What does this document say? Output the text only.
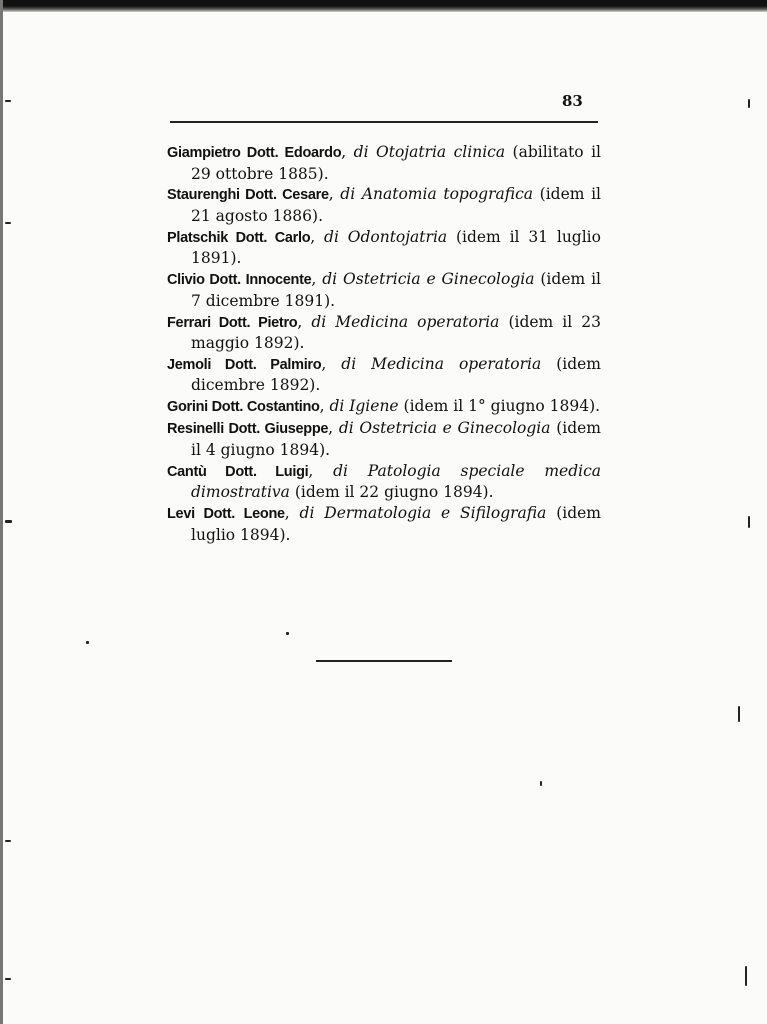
83
Giampietro Dott. Edoardo, di Otojatria clinica (abilitato il 29 ottobre 1885).
Staurenghi Dott. Cesare, di Anatomia topografica (idem il 21 agosto 1886).
Platschik Dott. Carlo, di Odontojatria (idem il 31 luglio 1891).
Clivio Dott. Innocente, di Ostetricia e Ginecologia (idem il 7 dicembre 1891).
Ferrari Dott. Pietro, di Medicina operatoria (idem il 23 maggio 1892).
Jemoli Dott. Palmiro, di Medicina operatoria (idem dicembre 1892).
Gorini Dott. Costantino, di Igiene (idem il 1° giugno 1894).
Resinelli Dott. Giuseppe, di Ostetricia e Ginecologia (idem il 4 giugno 1894).
Cantù Dott. Luigi, di Patologia speciale medica dimostrativa (idem il 22 giugno 1894).
Levi Dott. Leone, di Dermatologia e Sifilografia (idem luglio 1894).
